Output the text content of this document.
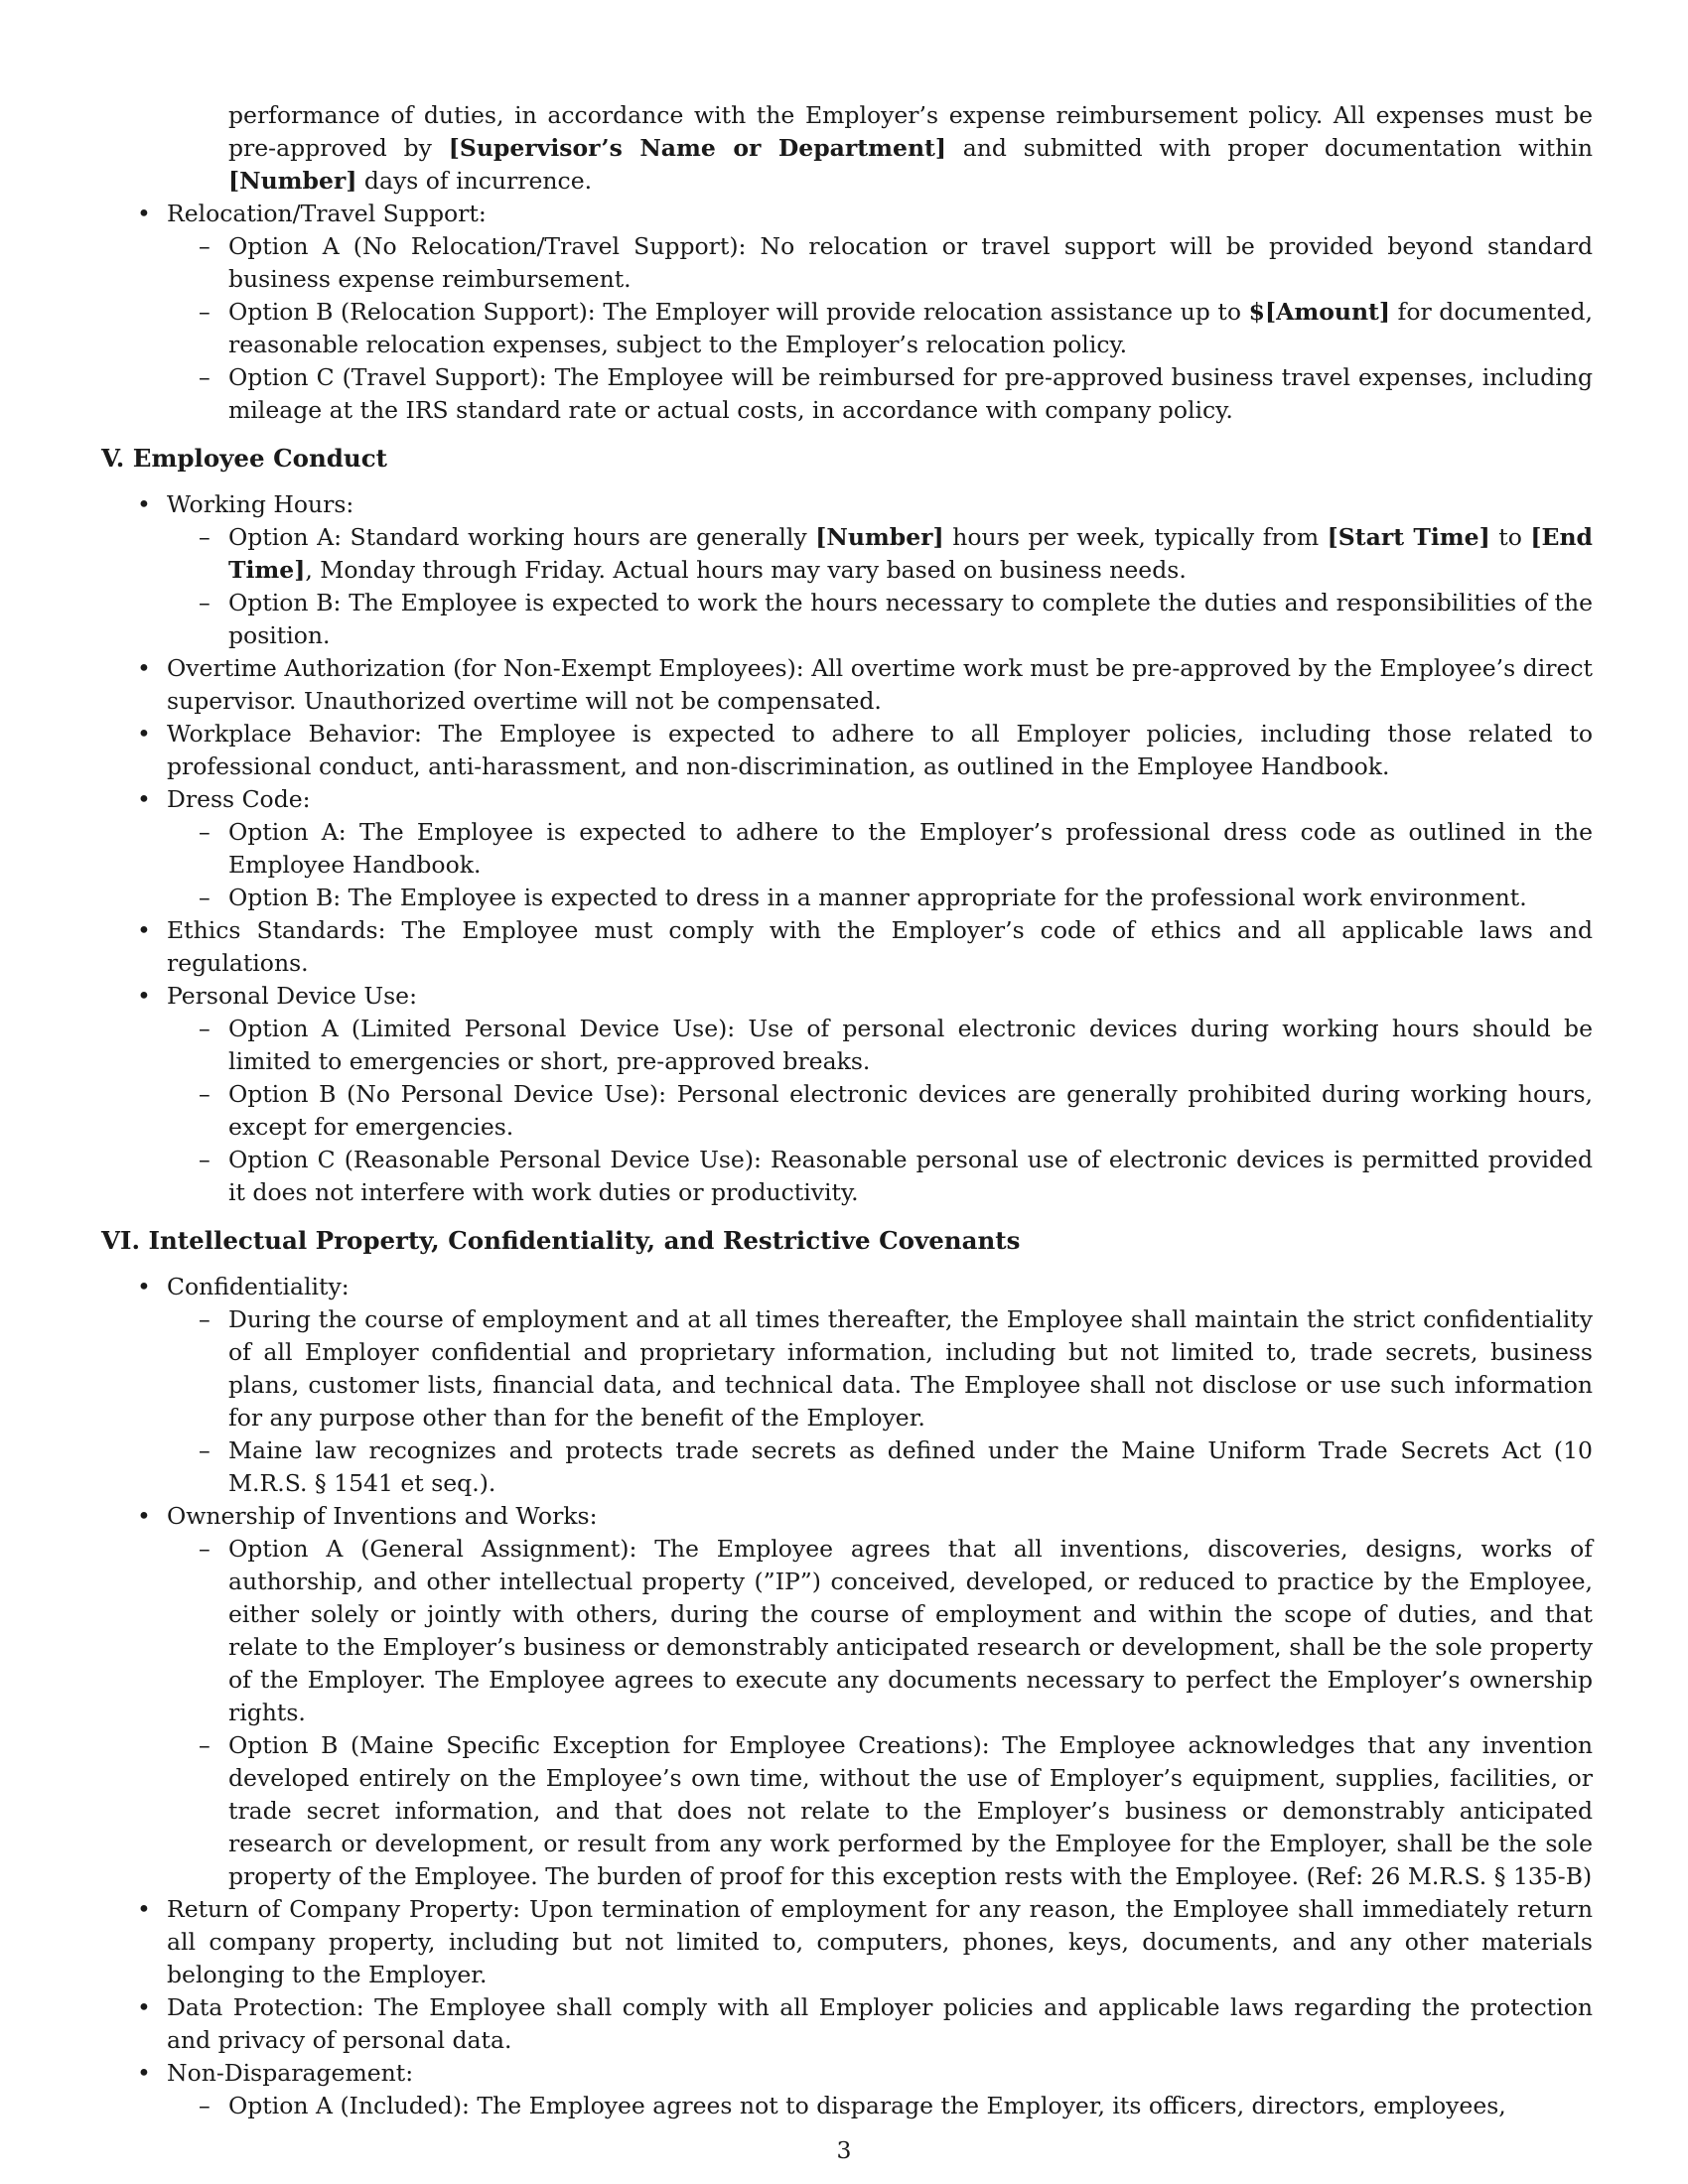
performance of duties, in accordance with the Employer’s expense reimbursement policy. All expenses must be pre-approved by [Supervisor’s Name or Department] and submitted with proper documentation within [Number] days of incurrence.

• Relocation/Travel Support:
– Option A (No Relocation/Travel Support): No relocation or travel support will be provided beyond standard business expense reimbursement.
– Option B (Relocation Support): The Employer will provide relocation assistance up to $[Amount] for documented, reasonable relocation expenses, subject to the Employer’s relocation policy.
– Option C (Travel Support): The Employee will be reimbursed for pre-approved business travel expenses, including mileage at the IRS standard rate or actual costs, in accordance with company policy.
V. Employee Conduct
• Working Hours:
– Option A: Standard working hours are generally [Number] hours per week, typically from [Start Time] to [End Time], Monday through Friday. Actual hours may vary based on business needs.
– Option B: The Employee is expected to work the hours necessary to complete the duties and responsibilities of the position.
• Overtime Authorization (for Non-Exempt Employees): All overtime work must be pre-approved by the Employee’s direct supervisor. Unauthorized overtime will not be compensated.
• Workplace Behavior: The Employee is expected to adhere to all Employer policies, including those related to professional conduct, anti-harassment, and non-discrimination, as outlined in the Employee Handbook.
• Dress Code:
– Option A: The Employee is expected to adhere to the Employer’s professional dress code as outlined in the Employee Handbook.
– Option B: The Employee is expected to dress in a manner appropriate for the professional work environment.
• Ethics Standards: The Employee must comply with the Employer’s code of ethics and all applicable laws and regulations.
• Personal Device Use:
– Option A (Limited Personal Device Use): Use of personal electronic devices during working hours should be limited to emergencies or short, pre-approved breaks.
– Option B (No Personal Device Use): Personal electronic devices are generally prohibited during working hours, except for emergencies.
– Option C (Reasonable Personal Device Use): Reasonable personal use of electronic devices is permitted provided it does not interfere with work duties or productivity.
VI. Intellectual Property, Confidentiality, and Restrictive Covenants
• Confidentiality:
– During the course of employment and at all times thereafter, the Employee shall maintain the strict confidentiality of all Employer confidential and proprietary information, including but not limited to, trade secrets, business plans, customer lists, financial data, and technical data. The Employee shall not disclose or use such information for any purpose other than for the benefit of the Employer.
– Maine law recognizes and protects trade secrets as defined under the Maine Uniform Trade Secrets Act (10 M.R.S. § 1541 et seq.).
• Ownership of Inventions and Works:
– Option A (General Assignment): The Employee agrees that all inventions, discoveries, designs, works of authorship, and other intellectual property (”IP”) conceived, developed, or reduced to practice by the Employee, either solely or jointly with others, during the course of employment and within the scope of duties, and that relate to the Employer’s business or demonstrably anticipated research or development, shall be the sole property of the Employer. The Employee agrees to execute any documents necessary to perfect the Employer’s ownership rights.
– Option B (Maine Specific Exception for Employee Creations): The Employee acknowledges that any invention developed entirely on the Employee’s own time, without the use of Employer’s equipment, supplies, facilities, or trade secret information, and that does not relate to the Employer’s business or demonstrably anticipated research or development, or result from any work performed by the Employee for the Employer, shall be the sole property of the Employee. The burden of proof for this exception rests with the Employee. (Ref: 26 M.R.S. § 135-B)
• Return of Company Property: Upon termination of employment for any reason, the Employee shall immediately return all company property, including but not limited to, computers, phones, keys, documents, and any other materials belonging to the Employer.
• Data Protection: The Employee shall comply with all Employer policies and applicable laws regarding the protection and privacy of personal data.
• Non-Disparagement:
– Option A (Included): The Employee agrees not to disparage the Employer, its officers, directors, employees,
3
